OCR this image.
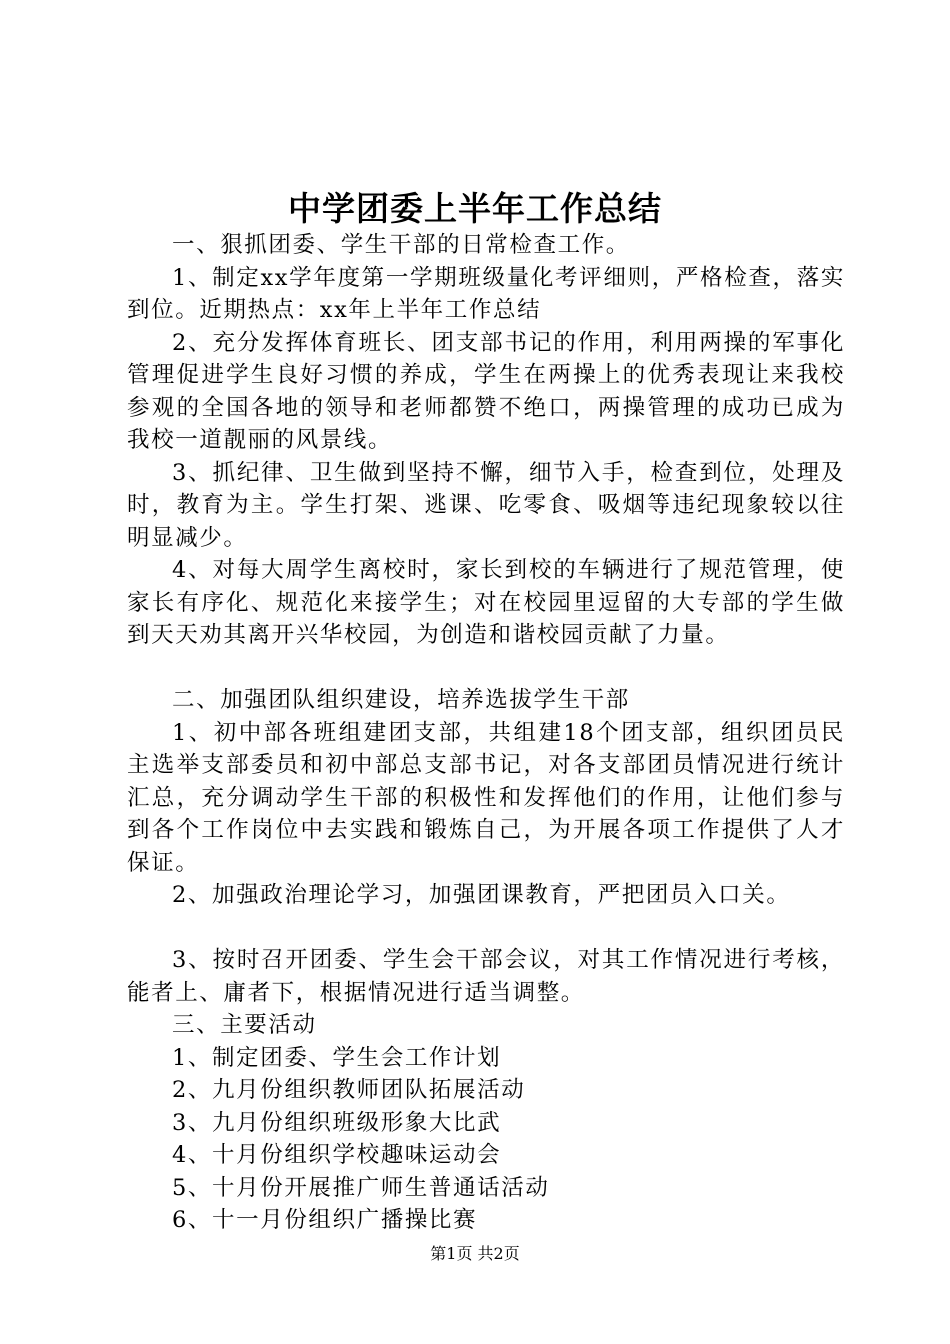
中学团委上半年工作总结

一、狠抓团委、学生干部的日常检查工作。

1、制定xx学年度第一学期班级量化考评细则，严格检查，落实到位。近期热点：xx年上半年工作总结

2、充分发挥体育班长、团支部书记的作用，利用两操的军事化管理促进学生良好习惯的养成，学生在两操上的优秀表现让来我校参观的全国各地的领导和老师都赞不绝口，两操管理的成功已成为我校一道靓丽的风景线。

3、抓纪律、卫生做到坚持不懈，细节入手，检查到位，处理及时，教育为主。学生打架、逃课、吃零食、吸烟等违纪现象较以往明显减少。

4、对每大周学生离校时，家长到校的车辆进行了规范管理，使家长有序化、规范化来接学生；对在校园里逗留的大专部的学生做到天天劝其离开兴华校园，为创造和谐校园贡献了力量。

二、加强团队组织建设，培养选拔学生干部

1、初中部各班组建团支部，共组建18个团支部，组织团员民主选举支部委员和初中部总支部书记，对各支部团员情况进行统计汇总，充分调动学生干部的积极性和发挥他们的作用，让他们参与到各个工作岗位中去实践和锻炼自己，为开展各项工作提供了人才保证。

2、加强政治理论学习，加强团课教育，严把团员入口关。

3、按时召开团委、学生会干部会议，对其工作情况进行考核，能者上、庸者下，根据情况进行适当调整。

三、主要活动

1、制定团委、学生会工作计划

2、九月份组织教师团队拓展活动

3、九月份组织班级形象大比武

4、十月份组织学校趣味运动会

5、十月份开展推广师生普通话活动

6、十一月份组织广播操比赛

第1页 共2页
